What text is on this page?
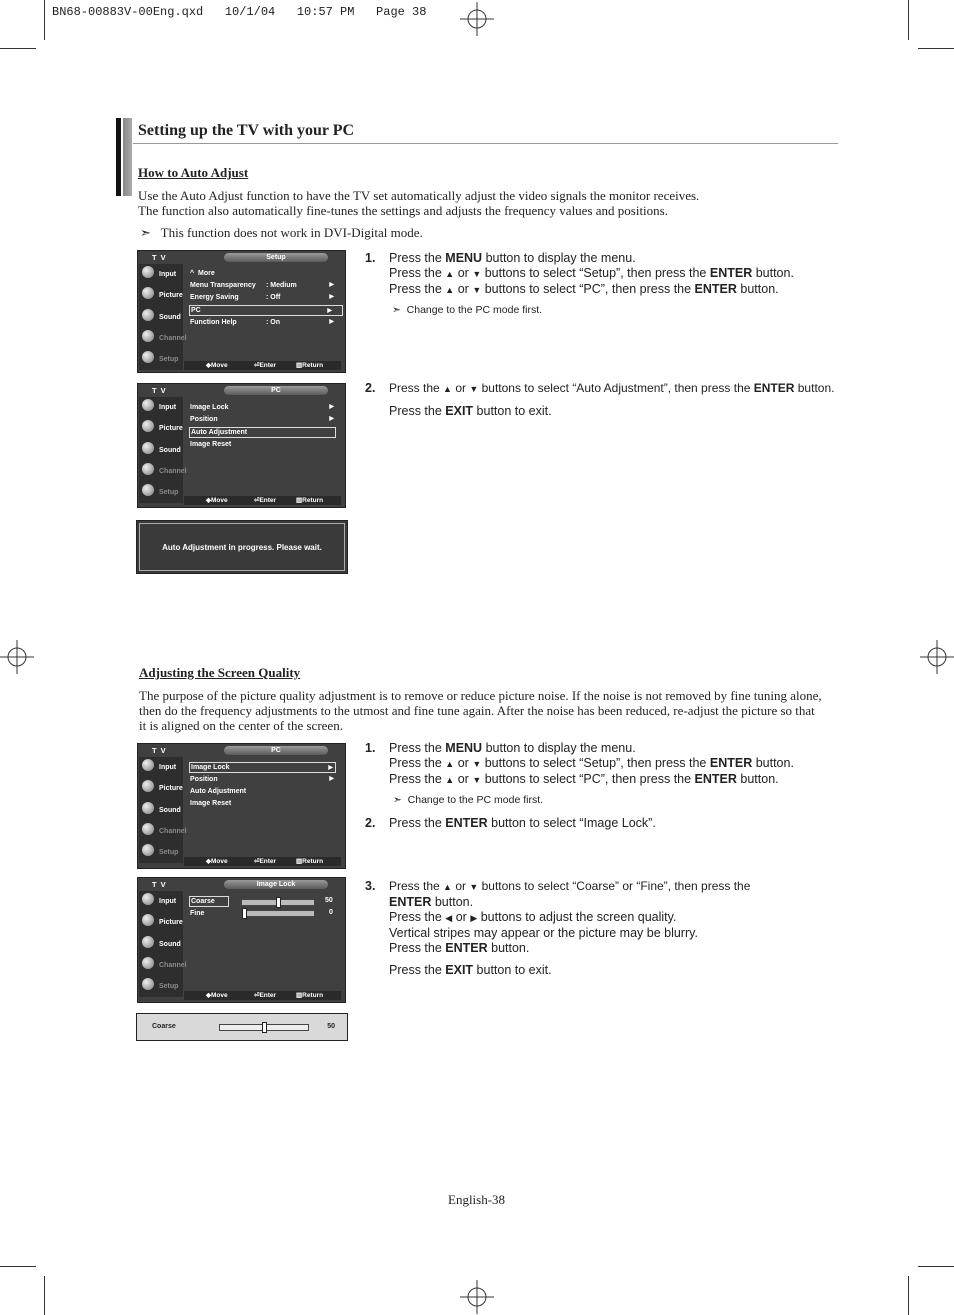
BN68-00883V-00Eng.qxd   10/1/04   10:57 PM   Page 38
Setting up the TV with your PC
How to Auto Adjust
Use the Auto Adjust function to have the TV set automatically adjust the video signals the monitor receives.
The function also automatically fine-tunes the settings and adjusts the frequency values and positions.
➣ This function does not work in DVI-Digital mode.
T V	Setup
Input
Picture
Sound
Channel
Setup
^  More
Menu Transparency : Medium	▶
Energy Saving	: Off	▶
PC	▶
Function Help	: On	▶
◆Move	⏎Enter	▥Return
T V	PC
Input
Picture
Sound
Channel
Setup
Image Lock	▶
Position	▶
Auto Adjustment
Image Reset
◆Move	⏎Enter	▥Return
Auto Adjustment in progress. Please wait.
1. Press the MENU button to display the menu.
Press the ▲ or ▼ buttons to select “Setup”, then press the ENTER button.
Press the ▲ or ▼ buttons to select “PC”, then press the ENTER button.
➣  Change to the PC mode first.
2. Press the ▲ or ▼ buttons to select “Auto Adjustment”, then press the ENTER button.
Press the EXIT button to exit.
Adjusting the Screen Quality
The purpose of the picture quality adjustment is to remove or reduce picture noise. If the noise is not removed by fine tuning alone,
then do the frequency adjustments to the utmost and fine tune again. After the noise has been reduced, re-adjust the picture so that
it is aligned on the center of the screen.
T V	PC
Input
Picture
Sound
Channel
Setup
Image Lock	▶
Position	▶
Auto Adjustment
Image Reset
◆Move	⏎Enter	▥Return
T V	Image Lock
Input
Picture
Sound
Channel
Setup
Coarse	50
Fine	0
◆Move	⏎Enter	▥Return
Coarse	50
1. Press the MENU button to display the menu.
Press the ▲ or ▼ buttons to select “Setup”, then press the ENTER button.
Press the ▲ or ▼ buttons to select “PC”, then press the ENTER button.
➣  Change to the PC mode first.
2. Press the ENTER button to select “Image Lock”.
3. Press the ▲ or ▼ buttons to select “Coarse” or “Fine”, then press the
ENTER button.
Press the ◀ or ▶ buttons to adjust the screen quality.
Vertical stripes may appear or the picture may be blurry.
Press the ENTER button.
Press the EXIT button to exit.
English-38
